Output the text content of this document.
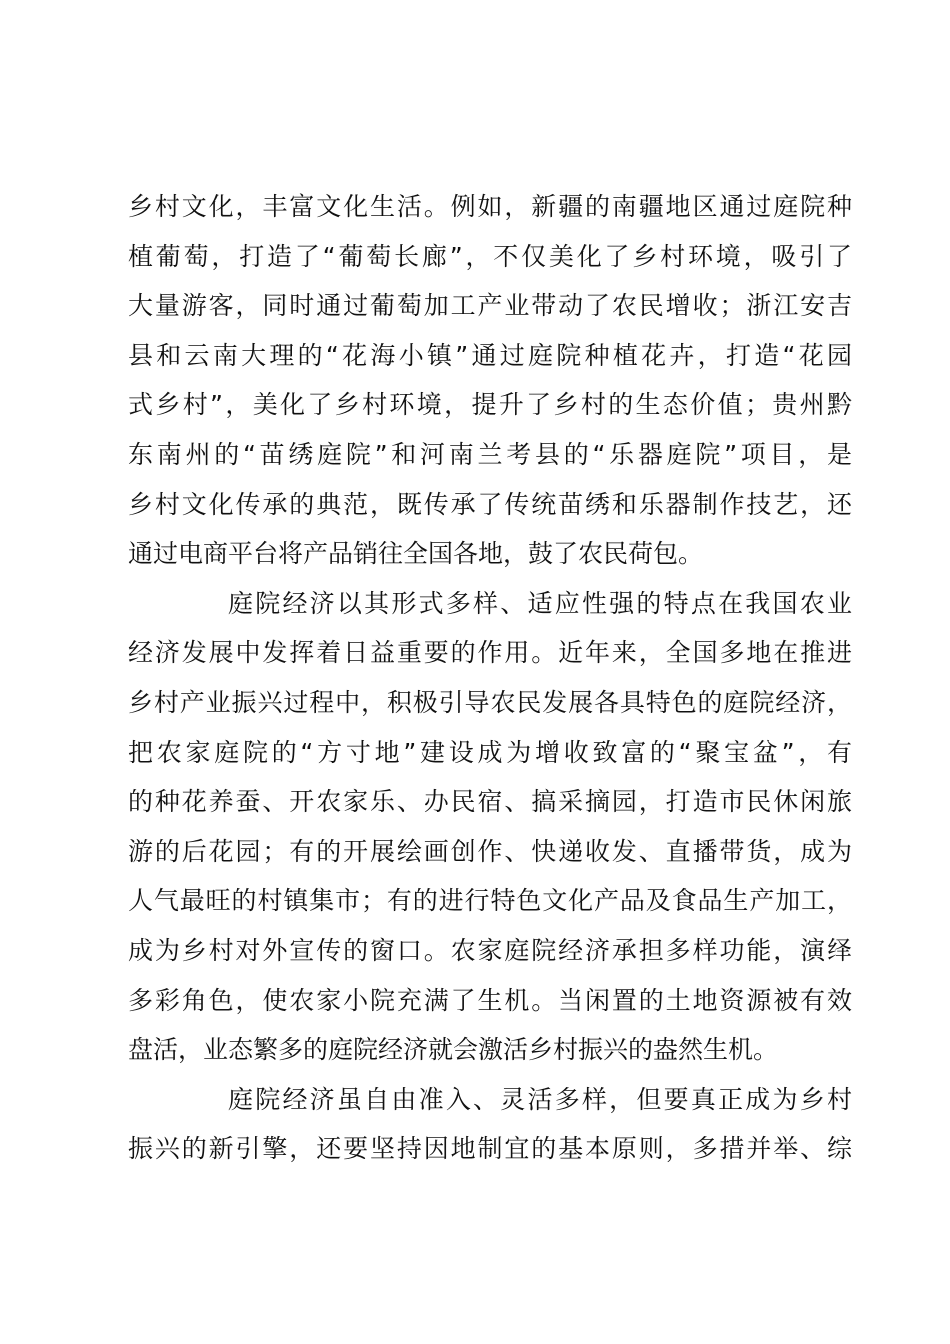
乡村文化，丰富文化生活。例如，新疆的南疆地区通过庭院种
植葡萄，打造了“葡萄长廊”，不仅美化了乡村环境，吸引了
大量游客，同时通过葡萄加工产业带动了农民增收；浙江安吉
县和云南大理的“花海小镇”通过庭院种植花卉，打造“花园
式乡村”，美化了乡村环境，提升了乡村的生态价值；贵州黔
东南州的“苗绣庭院”和河南兰考县的“乐器庭院”项目，是
乡村文化传承的典范，既传承了传统苗绣和乐器制作技艺，还
通过电商平台将产品销往全国各地，鼓了农民荷包。
庭院经济以其形式多样、适应性强的特点在我国农业
经济发展中发挥着日益重要的作用。近年来，全国多地在推进
乡村产业振兴过程中，积极引导农民发展各具特色的庭院经济，
把农家庭院的“方寸地”建设成为增收致富的“聚宝盆”，有
的种花养蚕、开农家乐、办民宿、搞采摘园，打造市民休闲旅
游的后花园；有的开展绘画创作、快递收发、直播带货，成为
人气最旺的村镇集市；有的进行特色文化产品及食品生产加工，
成为乡村对外宣传的窗口。农家庭院经济承担多样功能，演绎
多彩角色，使农家小院充满了生机。当闲置的土地资源被有效
盘活，业态繁多的庭院经济就会激活乡村振兴的盎然生机。
庭院经济虽自由准入、灵活多样，但要真正成为乡村
振兴的新引擎，还要坚持因地制宜的基本原则，多措并举、综
